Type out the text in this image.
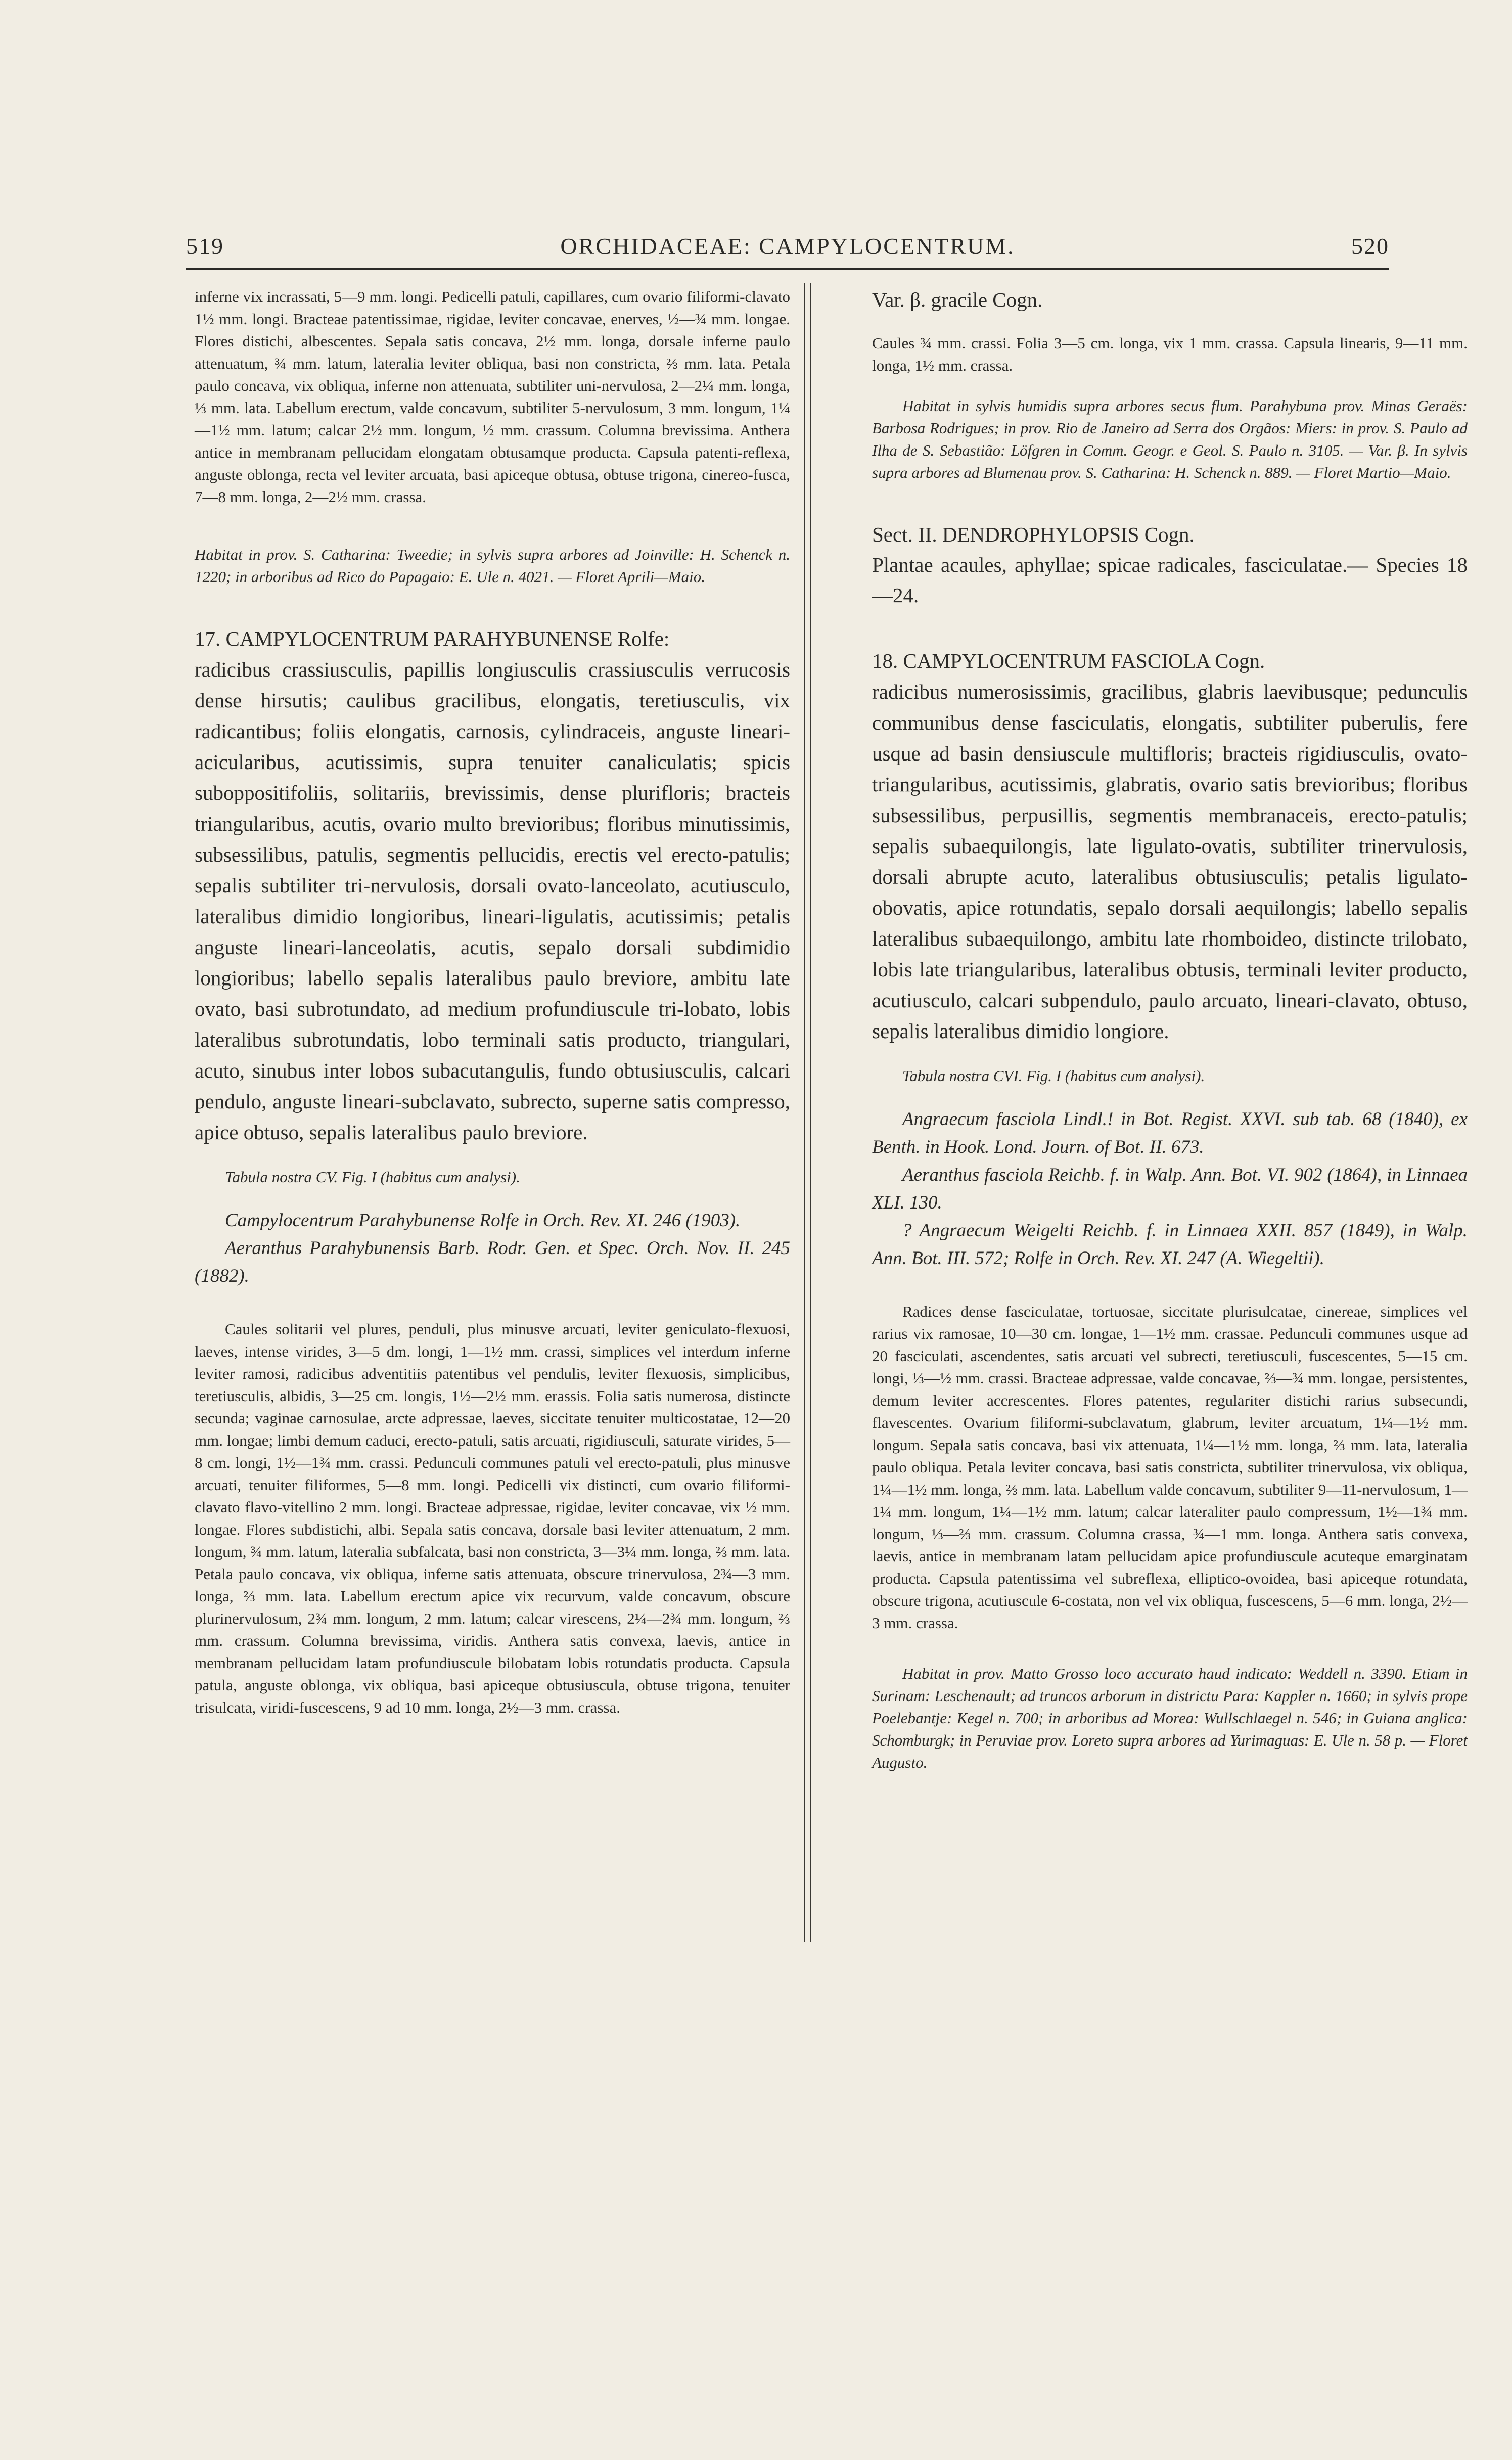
519	ORCHIDACEAE: CAMPYLOCENTRUM.	520

inferne vix incrassati, 5—9 mm. longi. Pedicelli patuli, capillares, cum ovario filiformi-clavato 1½ mm. longi. Bracteae patentissimae, rigidae, leviter concavae, enerves, ½—¾ mm. longae. Flores distichi, albescentes. Sepala satis concava, 2½ mm. longa, dorsale inferne paulo attenuatum, ¾ mm. latum, lateralia leviter obliqua, basi non constricta, ⅔ mm. lata. Petala paulo concava, vix obliqua, inferne non attenuata, subtiliter uni-nervulosa, 2—2¼ mm. longa, ⅓ mm. lata. Labellum erectum, valde concavum, subtiliter 5-nervulosum, 3 mm. longum, 1¼—1½ mm. latum; calcar 2½ mm. longum, ½ mm. crassum. Columna brevissima. Anthera antice in membranam pellucidam elongatam obtusamque producta. Capsula patenti-reflexa, anguste oblonga, recta vel leviter arcuata, basi apiceque obtusa, obtuse trigona, cinereo-fusca, 7—8 mm. longa, 2—2½ mm. crassa.

Habitat in prov. S. Catharina: Tweedie; in sylvis supra arbores ad Joinville: H. Schenck n. 1220; in arboribus ad Rico do Papagaio: E. Ule n. 4021. — Floret Aprili—Maio.

17. CAMPYLOCENTRUM PARAHYBUNENSE Rolfe:

radicibus crassiusculis, papillis longiusculis crassiusculis verrucosis dense hirsutis; caulibus gracilibus, elongatis, teretiusculis, vix radicantibus; foliis elongatis, carnosis, cylindraceis, anguste lineari-acicularibus, acutissimis, supra tenuiter canaliculatis; spicis suboppositifoliis, solitariis, brevissimis, dense plurifloris; bracteis triangularibus, acutis, ovario multo brevioribus; floribus minutissimis, subsessilibus, patulis, segmentis pellucidis, erectis vel erecto-patulis; sepalis subtiliter tri-nervulosis, dorsali ovato-lanceolato, acutiusculo, lateralibus dimidio longioribus, lineari-ligulatis, acutissimis; petalis anguste lineari-lanceolatis, acutis, sepalo dorsali subdimidio longioribus; labello sepalis lateralibus paulo breviore, ambitu late ovato, basi subrotundato, ad medium profundiuscule tri-lobato, lobis lateralibus subrotundatis, lobo terminali satis producto, triangulari, acuto, sinubus inter lobos subacutangulis, fundo obtusiusculis, calcari pendulo, anguste lineari-subclavato, subrecto, superne satis compresso, apice obtuso, sepalis lateralibus paulo breviore.

Tabula nostra CV. Fig. I (habitus cum analysi).

Campylocentrum Parahybunense Rolfe in Orch. Rev. XI. 246 (1903).

Aeranthus Parahybunensis Barb. Rodr. Gen. et Spec. Orch. Nov. II. 245 (1882).

Caules solitarii vel plures, penduli, plus minusve arcuati, leviter geniculato-flexuosi, laeves, intense virides, 3—5 dm. longi, 1—1½ mm. crassi, simplices vel interdum inferne leviter ramosi, radicibus adventitiis patentibus vel pendulis, leviter flexuosis, simplicibus, teretiusculis, albidis, 3—25 cm. longis, 1½—2½ mm. erassis. Folia satis numerosa, distincte secunda; vaginae carnosulae, arcte adpressae, laeves, siccitate tenuiter multicostatae, 12—20 mm. longae; limbi demum caduci, erecto-patuli, satis arcuati, rigidiusculi, saturate virides, 5—8 cm. longi, 1½—1¾ mm. crassi. Pedunculi communes patuli vel erecto-patuli, plus minusve arcuati, tenuiter filiformes, 5—8 mm. longi. Pedicelli vix distincti, cum ovario filiformi-clavato flavo-vitellino 2 mm. longi. Bracteae adpressae, rigidae, leviter concavae, vix ½ mm. longae. Flores subdistichi, albi. Sepala satis concava, dorsale basi leviter attenuatum, 2 mm. longum, ¾ mm. latum, lateralia subfalcata, basi non constricta, 3—3¼ mm. longa, ⅔ mm. lata. Petala paulo concava, vix obliqua, inferne satis attenuata, obscure trinervulosa, 2¾—3 mm. longa, ⅔ mm. lata. Labellum erectum apice vix recurvum, valde concavum, obscure plurinervulosum, 2¾ mm. longum, 2 mm. latum; calcar virescens, 2¼—2¾ mm. longum, ⅔ mm. crassum. Columna brevissima, viridis. Anthera satis convexa, laevis, antice in membranam pellucidam latam profundiuscule bilobatam lobis rotundatis producta. Capsula patula, anguste oblonga, vix obliqua, basi apiceque obtusiuscula, obtuse trigona, tenuiter trisulcata, viridi-fuscescens, 9 ad 10 mm. longa, 2½—3 mm. crassa.

Var. β. gracile Cogn.

Caules ¾ mm. crassi. Folia 3—5 cm. longa, vix 1 mm. crassa. Capsula linearis, 9—11 mm. longa, 1½ mm. crassa.

Habitat in sylvis humidis supra arbores secus flum. Parahybuna prov. Minas Geraës: Barbosa Rodrigues; in prov. Rio de Janeiro ad Serra dos Orgãos: Miers: in prov. S. Paulo ad Ilha de S. Sebastião: Löfgren in Comm. Geogr. e Geol. S. Paulo n. 3105. — Var. β. In sylvis supra arbores ad Blumenau prov. S. Catharina: H. Schenck n. 889. — Floret Martio—Maio.

Sect. II. DENDROPHYLOPSIS Cogn.

Plantae acaules, aphyllae; spicae radicales, fasciculatae.— Species 18—24.

18. CAMPYLOCENTRUM FASCIOLA Cogn.

radicibus numerosissimis, gracilibus, glabris laevibusque; pedunculis communibus dense fasciculatis, elongatis, subtiliter puberulis, fere usque ad basin densiuscule multifloris; bracteis rigidiusculis, ovato-triangularibus, acutissimis, glabratis, ovario satis brevioribus; floribus subsessilibus, perpusillis, segmentis membranaceis, erecto-patulis; sepalis subaequilongis, late ligulato-ovatis, subtiliter trinervulosis, dorsali abrupte acuto, lateralibus obtusiusculis; petalis ligulato-obovatis, apice rotundatis, sepalo dorsali aequilongis; labello sepalis lateralibus subaequilongo, ambitu late rhomboideo, distincte trilobato, lobis late triangularibus, lateralibus obtusis, terminali leviter producto, acutiusculo, calcari subpendulo, paulo arcuato, lineari-clavato, obtuso, sepalis lateralibus dimidio longiore.

Tabula nostra CVI. Fig. I (habitus cum analysi).

Angraecum fasciola Lindl.! in Bot. Regist. XXVI. sub tab. 68 (1840), ex Benth. in Hook. Lond. Journ. of Bot. II. 673.

Aeranthus fasciola Reichb. f. in Walp. Ann. Bot. VI. 902 (1864), in Linnaea XLI. 130.

? Angraecum Weigelti Reichb. f. in Linnaea XXII. 857 (1849), in Walp. Ann. Bot. III. 572; Rolfe in Orch. Rev. XI. 247 (A. Wiegeltii).

Radices dense fasciculatae, tortuosae, siccitate plurisulcatae, cinereae, simplices vel rarius vix ramosae, 10—30 cm. longae, 1—1½ mm. crassae. Pedunculi communes usque ad 20 fasciculati, ascendentes, satis arcuati vel subrecti, teretiusculi, fuscescentes, 5—15 cm. longi, ⅓—½ mm. crassi. Bracteae adpressae, valde concavae, ⅔—¾ mm. longae, persistentes, demum leviter accrescentes. Flores patentes, regulariter distichi rarius subsecundi, flavescentes. Ovarium filiformi-subclavatum, glabrum, leviter arcuatum, 1¼—1½ mm. longum. Sepala satis concava, basi vix attenuata, 1¼—1½ mm. longa, ⅔ mm. lata, lateralia paulo obliqua. Petala leviter concava, basi satis constricta, subtiliter trinervulosa, vix obliqua, 1¼—1½ mm. longa, ⅔ mm. lata. Labellum valde concavum, subtiliter 9—11-nervulosum, 1—1¼ mm. longum, 1¼—1½ mm. latum; calcar lateraliter paulo compressum, 1½—1¾ mm. longum, ⅓—⅔ mm. crassum. Columna crassa, ¾—1 mm. longa. Anthera satis convexa, laevis, antice in membranam latam pellucidam apice profundiuscule acuteque emarginatam producta. Capsula patentissima vel subreflexa, elliptico-ovoidea, basi apiceque rotundata, obscure trigona, acutiuscule 6-costata, non vel vix obliqua, fuscescens, 5—6 mm. longa, 2½—3 mm. crassa.

Habitat in prov. Matto Grosso loco accurato haud indicato: Weddell n. 3390. Etiam in Surinam: Leschenault; ad truncos arborum in districtu Para: Kappler n. 1660; in sylvis prope Poelebantje: Kegel n. 700; in arboribus ad Morea: Wullschlaegel n. 546; in Guiana anglica: Schomburgk; in Peruviae prov. Loreto supra arbores ad Yurimaguas: E. Ule n. 58 p. — Floret Augusto.
